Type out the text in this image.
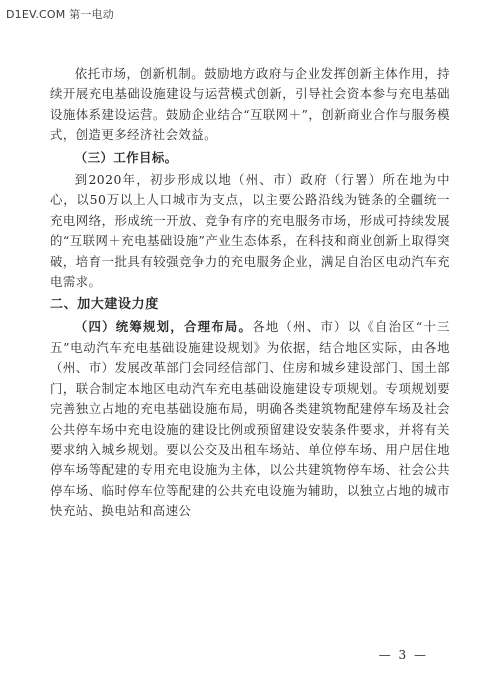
D1EV.COM 第一电动

依托市场，创新机制。鼓励地方政府与企业发挥创新主体作用，持续开展充电基础设施建设与运营模式创新，引导社会资本参与充电基础设施体系建设运营。鼓励企业结合“互联网＋”，创新商业合作与服务模式，创造更多经济社会效益。

（三）工作目标。

到2020年，初步形成以地（州、市）政府（行署）所在地为中心，以50万以上人口城市为支点，以主要公路沿线为链条的全疆统一充电网络，形成统一开放、竞争有序的充电服务市场，形成可持续发展的“互联网＋充电基础设施”产业生态体系，在科技和商业创新上取得突破，培育一批具有较强竞争力的充电服务企业，满足自治区电动汽车充电需求。

二、加大建设力度

（四）统筹规划，合理布局。各地（州、市）以《自治区“十三五”电动汽车充电基础设施建设规划》为依据，结合地区实际，由各地（州、市）发展改革部门会同经信部门、住房和城乡建设部门、国土部门，联合制定本地区电动汽车充电基础设施建设专项规划。专项规划要完善独立占地的充电基础设施布局，明确各类建筑物配建停车场及社会公共停车场中充电设施的建设比例或预留建设安装条件要求，并将有关要求纳入城乡规划。要以公交及出租车场站、单位停车场、用户居住地停车场等配建的专用充电设施为主体，以公共建筑物停车场、社会公共停车场、临时停车位等配建的公共充电设施为辅助，以独立占地的城市快充站、换电站和高速公

— 3 —
